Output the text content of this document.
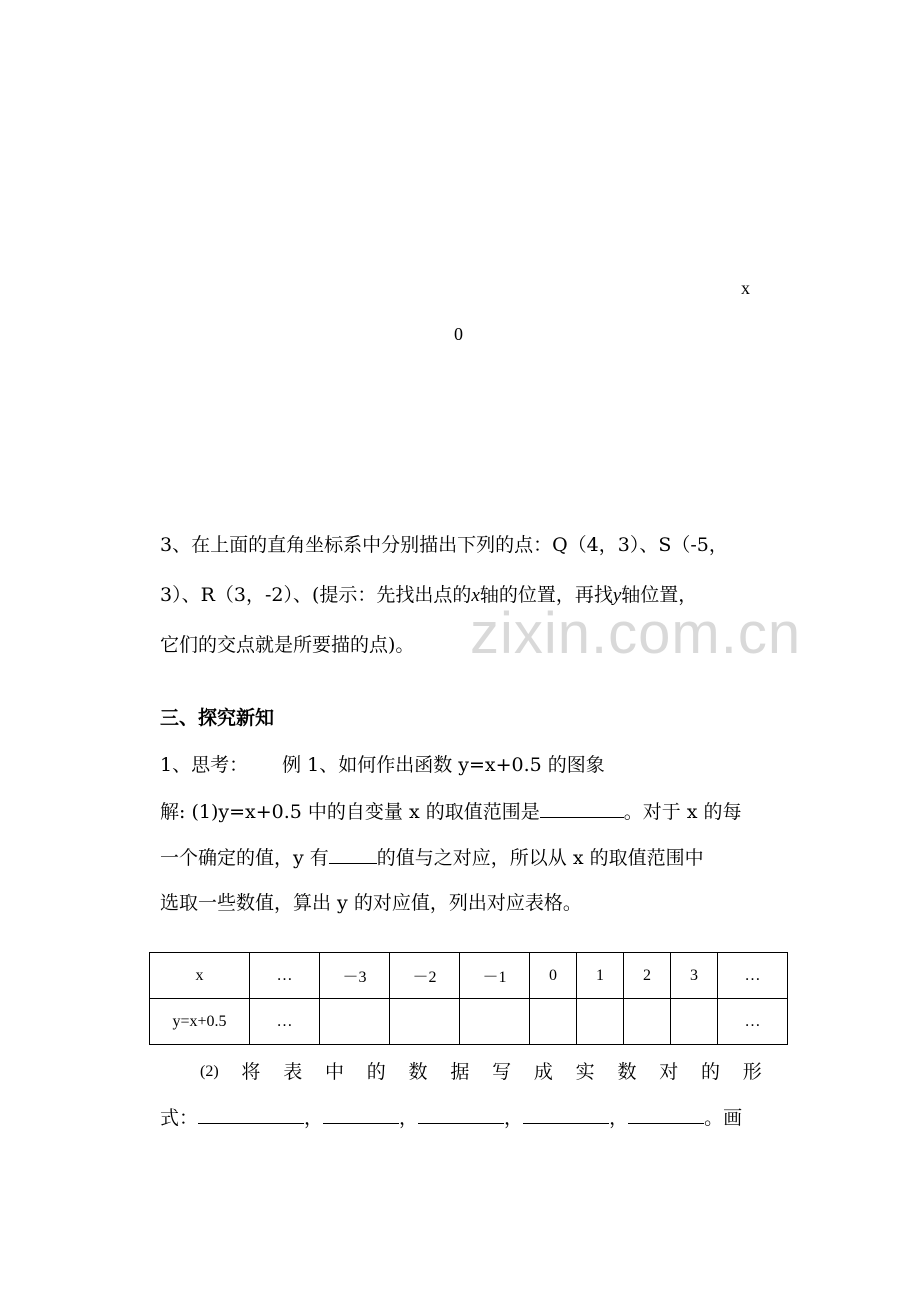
x
0
zixin.com.cn
3、在上面的直角坐标系中分别描出下列的点：Q（4，3）、S（-5，
3）、R（3，-2）、(提示：先找出点的x轴的位置，再找y轴位置，
它们的交点就是所要描的点)。
三、探究新知
1、思考： 例 1、如何作出函数 y=x+0.5 的图象
解: (1)y=x+0.5 中的自变量 x 的取值范围是	。对于 x 的每
一个确定的值，y 有	的值与之对应，所以从 x 的取值范围中
选取一些数值，算出 y 的对应值，列出对应表格。
x	…	－3	－2	－1	0	1	2	3	…
y=x+0.5	…								…
(2) 将 表 中 的 数 据 写 成 实 数 对 的 形
式：	，	，	，	，	。画
